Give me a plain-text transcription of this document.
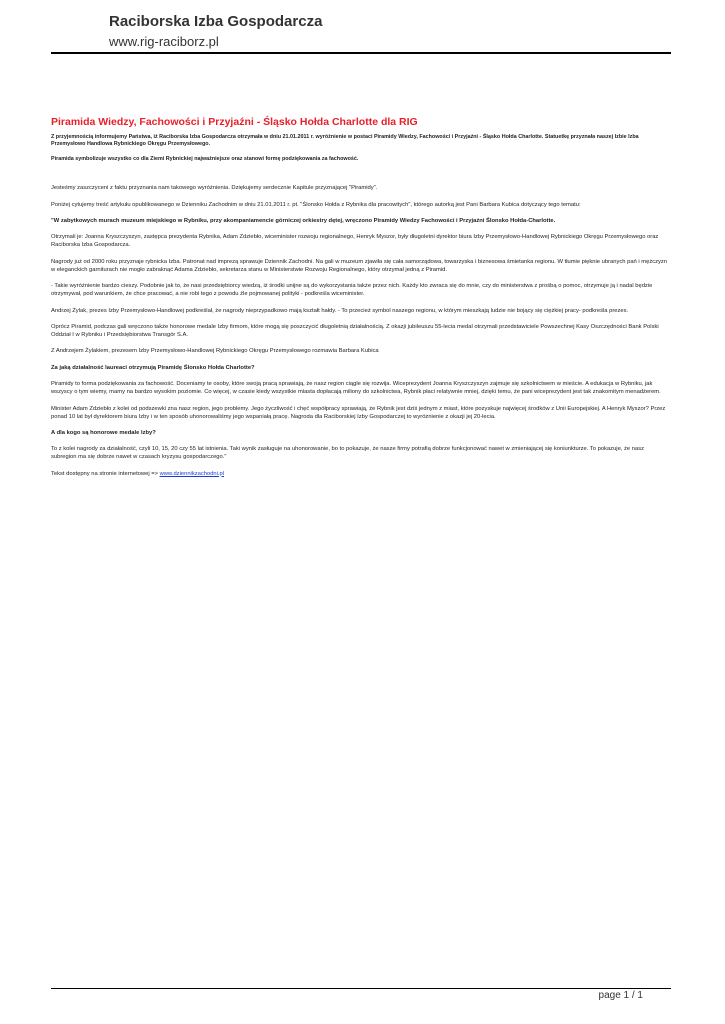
Raciborska Izba Gospodarcza
www.rig-raciborz.pl
Piramida Wiedzy, Fachowości i Przyjaźni - Śląsko Hołda Charlotte dla RIG

Z przyjemnością informujemy Państwa, iż Raciborska Izba Gospodarcza otrzymała w dniu 21.01.2011 r. wyróżnienie w postaci Piramidy Wiedzy, Fachowości i Przyjaźni - Śląsko Hołda Charlotte. Statuetkę przyznała naszej Izbie Izba Przemysłowo Handlowa Rybnickiego Okręgu Przemysłowego.

Piramida symbolizuje wszystko co dla Ziemi Rybnickiej najważniejsze oraz stanowi formę podziękowania za fachowość.

Jesteśmy zaszczyceni z faktu przyznania nam takowego wyróżnienia. Dziękujemy serdecznie Kapitule przyznającej "Piramidy".

Poniżej cytujemy treść artykułu opublikowanego w Dzienniku Zachodnim w dniu 21.01.2011 r. pt. "Ślonsko Hołda z Rybnika dla pracowitych", którego autorką jest Pani Barbara Kubica dotyczący tego tematu:

"W zabytkowych murach muzeum miejskiego w Rybniku, przy akompaniamencie górniczej orkiestry dętej, wręczono Piramidy Wiedzy Fachowości i Przyjaźni Ślonsko Hołda-Charlotte.

Otrzymali je: Joanna Kryszczyszyn, zastępca prezydenta Rybnika, Adam Zdziebło, wiceminister rozwoju regionalnego, Henryk Myszor, były długoletni dyrektor biura Izby Przemysłowo-Handlowej Rybnickiego Okręgu Przemysłowego oraz Raciborska Izba Gospodarcza.

Nagrody już od 2000 roku przyznaje rybnicka Izba. Patronat nad imprezą sprawuje Dziennik Zachodni. Na gali w muzeum zjawiła się cała samorządowa, towarzyska i biznesowa śmietanka regionu. W tłumie pięknie ubranych pań i mężczyzn w eleganckich garniturach nie mogło zabraknąć Adama Zdziebło, sekretarza stanu w Ministerstwie Rozwoju Regionalnego, który otrzymał jedną z Piramid.

- Takie wyróżnienie bardzo cieszy. Podobnie jak to, że nasi przedsiębiorcy wiedzą, iż środki unijne są do wykorzystania także przez nich. Każdy kto zwraca się do mnie, czy do ministerstwa z prośbą o pomoc, otrzymuje ją i nadal będzie otrzymywał, pod warunkiem, że chce pracować, a nie robi tego z powodu źle pojmowanej polityki - podkreśla wiceminister.

Andrzej Żylak, prezes Izby Przemysłowo-Handlowej podkreślał, że nagrody nieprzypadkowo mają kształt hałdy. - To przecież symbol naszego regionu, w którym mieszkają ludzie nie bojący się ciężkiej pracy- podkreśla prezes.

Oprócz Piramid, podczas gali wręczono także honorowe medale Izby firmom, które mogą się poszczycić długoletnią działalnością. Z okazji jubileuszu 55-lecia medal otrzymali przedstawiciele Powszechnej Kasy Oszczędności Bank Polski Oddział I w Rybniku i Przedsiębiorstwa Transgór S.A.

Z Andrzejem Żylakiem, prezesem Izby Przemysłowo-Handlowej Rybnickiego Okręgu Przemysłowego rozmawia Barbara Kubica

Za jaką działalność laureaci otrzymują Piramidę Ślonsko Hołda Charlotte?

Piramidy to forma podziękowania za fachowość. Doceniamy te osoby, które swoją pracą sprawiają, że nasz region ciągle się rozwija. Wiceprezydent Joanna Kryszczyszyn zajmuje się szkolnictwem w mieście. A edukacja w Rybniku, jak wszyscy o tym wiemy, mamy na bardzo wysokim poziomie. Co więcej, w czasie kiedy wszystkie miasta dopłacają miliony do szkolnictwa, Rybnik płaci relatywnie mniej, dzięki temu, że pani wiceprezydent jest tak znakomitym menadżerem.

Minister Adam Zdziebło z kolei od podszewki zna nasz region, jego problemy. Jego życzliwość i chęć współpracy sprawiają, że Rybnik jest dziś jednym z miast, które pozyskuje najwięcej środków z Unii Europejskiej. A Henryk Myszor? Przez ponad 10 lat był dyrektorem biura Izby i w ten sposób uhonorowaliśmy jego wspaniałą pracę. Nagroda dla Raciborskiej Izby Gospodarczej to wyróżnienie z okazji jej 20-lecia.

A dla kogo są honorowe medale Izby?

To z kolei nagrody za działalność, czyli 10, 15, 20 czy 55 lat istnienia. Taki wynik zasługuje na uhonorowanie, bo to pokazuje, że nasze firmy potrafią dobrze funkcjonować nawet w zmieniającej się koniunkturze. To pokazuje, że nasz subregion ma się dobrze nawet w czasach kryzysu gospodarczego."

Tekst dostępny na stronie internetowej => www.dziennikzachodni.pl

page 1 / 1
